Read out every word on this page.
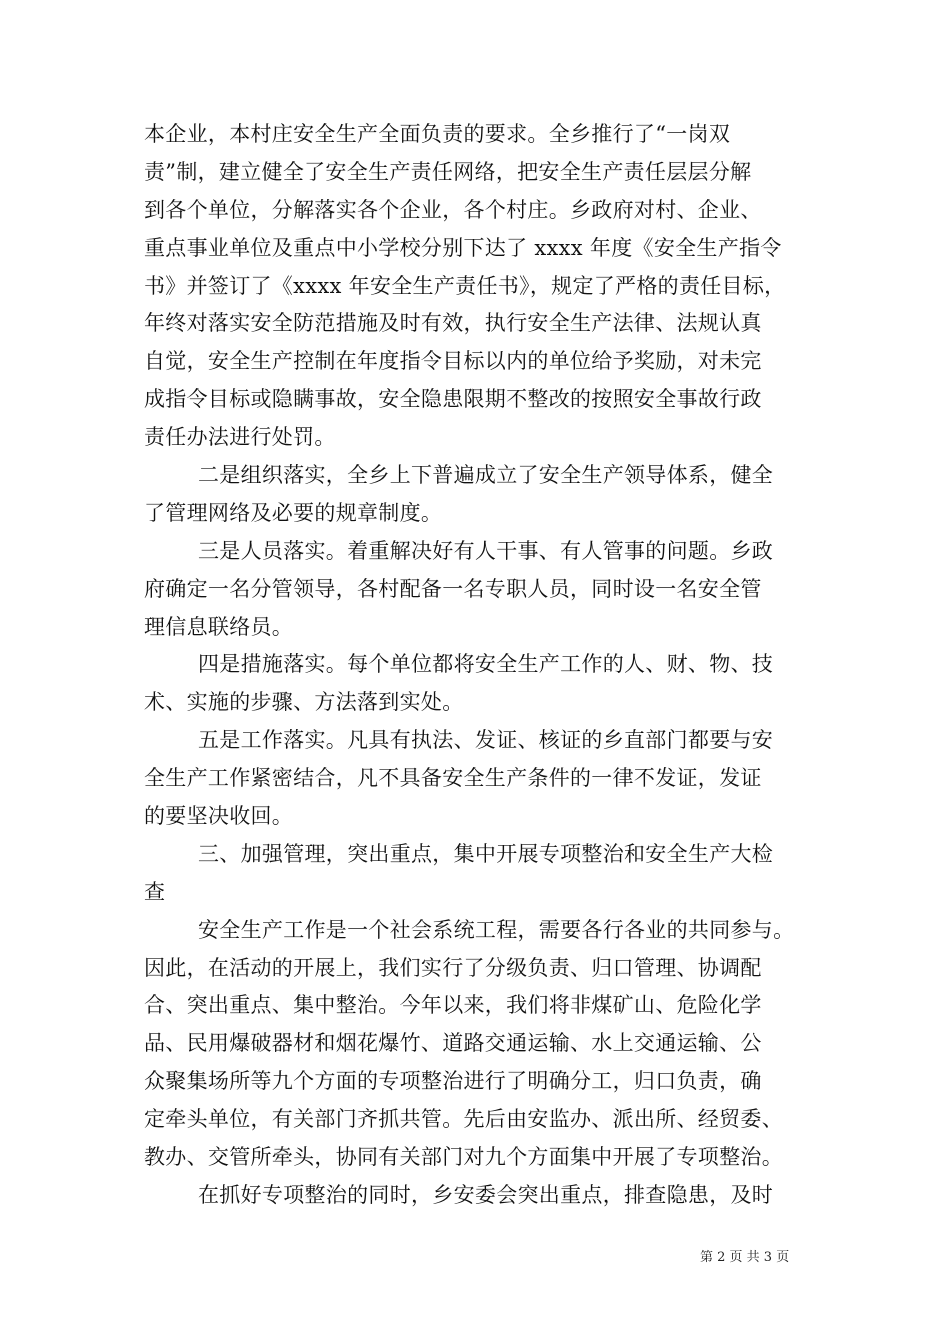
本企业，本村庄安全生产全面负责的要求。全乡推行了“一岗双
责”制，建立健全了安全生产责任网络，把安全生产责任层层分解
到各个单位，分解落实各个企业，各个村庄。乡政府对村、企业、
重点事业单位及重点中小学校分别下达了 xxxx 年度《安全生产指令
书》并签订了《xxxx 年安全生产责任书》，规定了严格的责任目标，
年终对落实安全防范措施及时有效，执行安全生产法律、法规认真
自觉，安全生产控制在年度指令目标以内的单位给予奖励，对未完
成指令目标或隐瞒事故，安全隐患限期不整改的按照安全事故行政
责任办法进行处罚。
二是组织落实，全乡上下普遍成立了安全生产领导体系，健全
了管理网络及必要的规章制度。
三是人员落实。着重解决好有人干事、有人管事的问题。乡政
府确定一名分管领导，各村配备一名专职人员，同时设一名安全管
理信息联络员。
四是措施落实。每个单位都将安全生产工作的人、财、物、技
术、实施的步骤、方法落到实处。
五是工作落实。凡具有执法、发证、核证的乡直部门都要与安
全生产工作紧密结合，凡不具备安全生产条件的一律不发证，发证
的要坚决收回。
三、加强管理，突出重点，集中开展专项整治和安全生产大检
查
安全生产工作是一个社会系统工程，需要各行各业的共同参与。
因此，在活动的开展上，我们实行了分级负责、归口管理、协调配
合、突出重点、集中整治。今年以来，我们将非煤矿山、危险化学
品、民用爆破器材和烟花爆竹、道路交通运输、水上交通运输、公
众聚集场所等九个方面的专项整治进行了明确分工，归口负责，确
定牵头单位，有关部门齐抓共管。先后由安监办、派出所、经贸委、
教办、交管所牵头，协同有关部门对九个方面集中开展了专项整治。
在抓好专项整治的同时，乡安委会突出重点，排查隐患，及时
第 2 页 共 3 页
